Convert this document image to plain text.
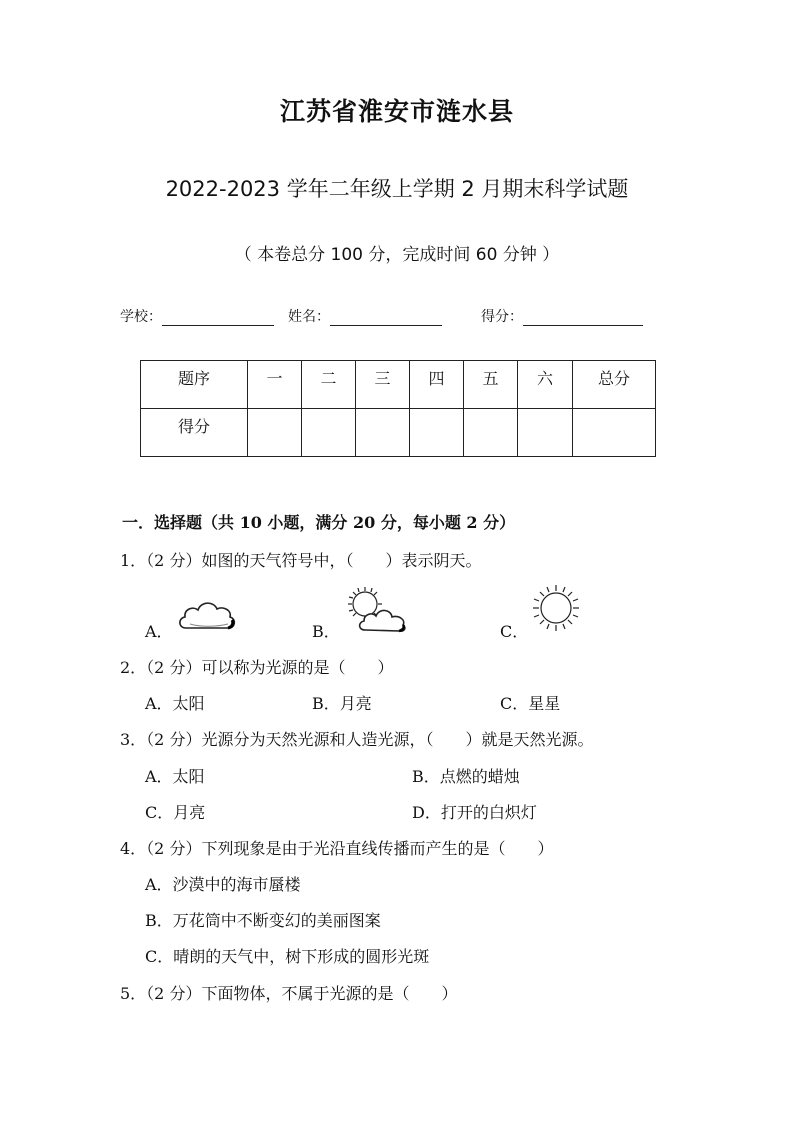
江苏省淮安市涟水县
2022-2023 学年二年级上学期 2 月期末科学试题
（ 本卷总分 100 分，完成时间 60 分钟 ）
学校：	姓名：	得分：
题序	一	二	三	四	五	六	总分

得分							

一．选择题（共 10 小题，满分 20 分，每小题 2 分）
1．（2 分）如图的天气符号中，（　　）表示阴天。
A．	B．	C．
2．（2 分）可以称为光源的是（　　）
A．太阳	B．月亮	C．星星
3．（2 分）光源分为天然光源和人造光源，（　　）就是天然光源。
A．太阳	B．点燃的蜡烛
C．月亮	D．打开的白炽灯
4．（2 分）下列现象是由于光沿直线传播而产生的是（　　）
A．沙漠中的海市蜃楼
B．万花筒中不断变幻的美丽图案
C．晴朗的天气中，树下形成的圆形光斑
5．（2 分）下面物体，不属于光源的是（　　）
